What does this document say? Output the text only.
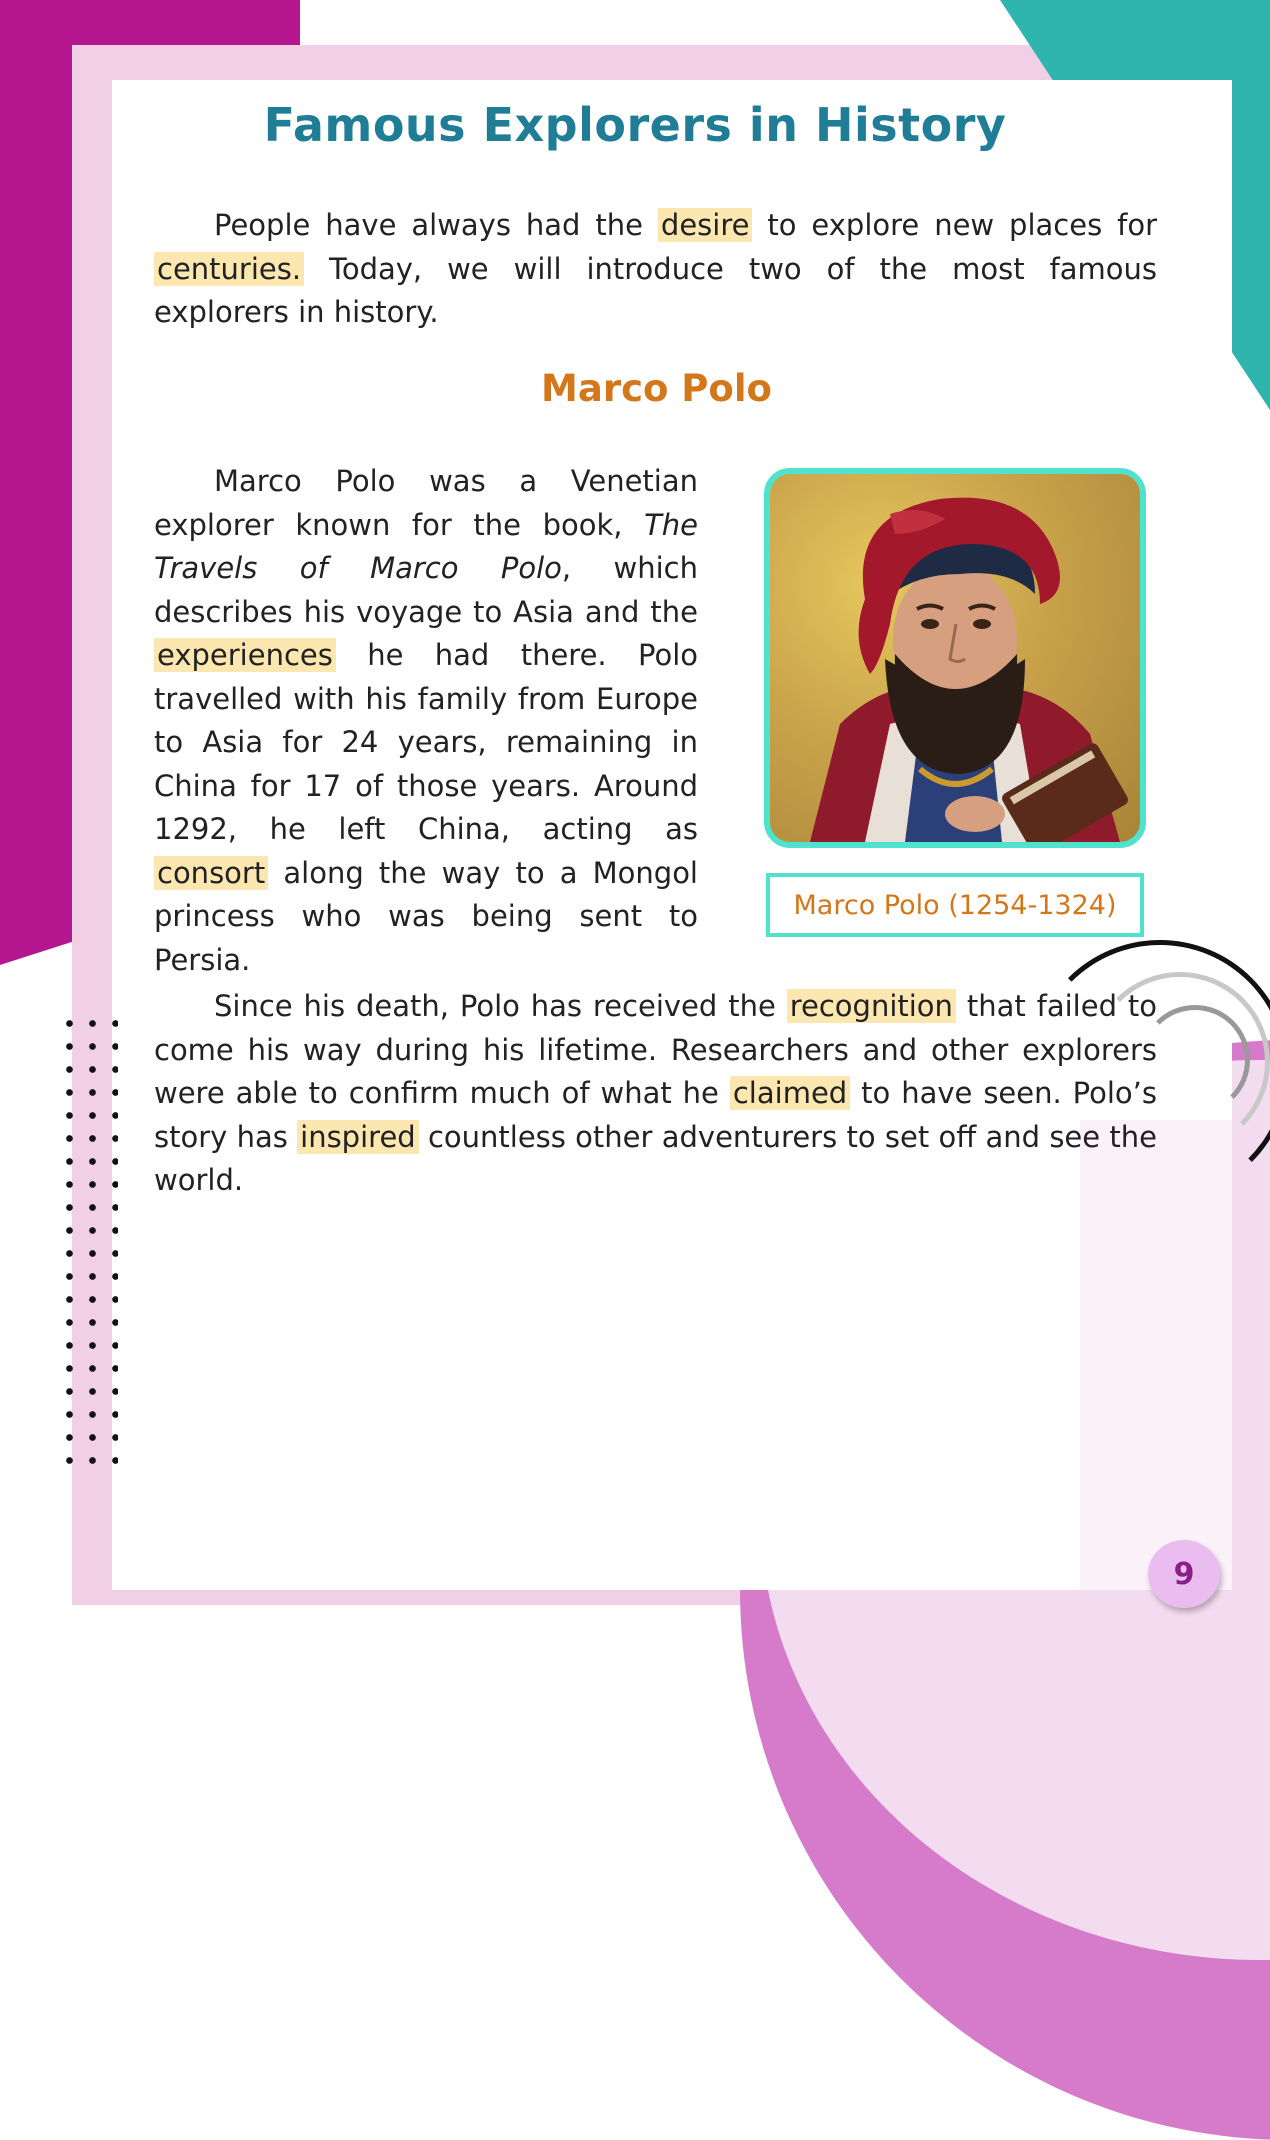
Famous Explorers in History

People have always had the desire to explore new places for centuries. Today, we will introduce two of the most famous explorers in history.

Marco Polo

Marco Polo was a Venetian explorer known for the book, The Travels of Marco Polo, which describes his voyage to Asia and the experiences he had there. Polo travelled with his family from Europe to Asia for 24 years, remaining in China for 17 of those years. Around 1292, he left China, acting as consort along the way to a Mongol princess who was being sent to Persia.

Marco Polo (1254-1324)

Since his death, Polo has received the recognition that failed to come his way during his lifetime. Researchers and other explorers were able to confirm much of what he claimed to have seen. Polo’s story has inspired countless other adventurers to set off and see the world.

9
